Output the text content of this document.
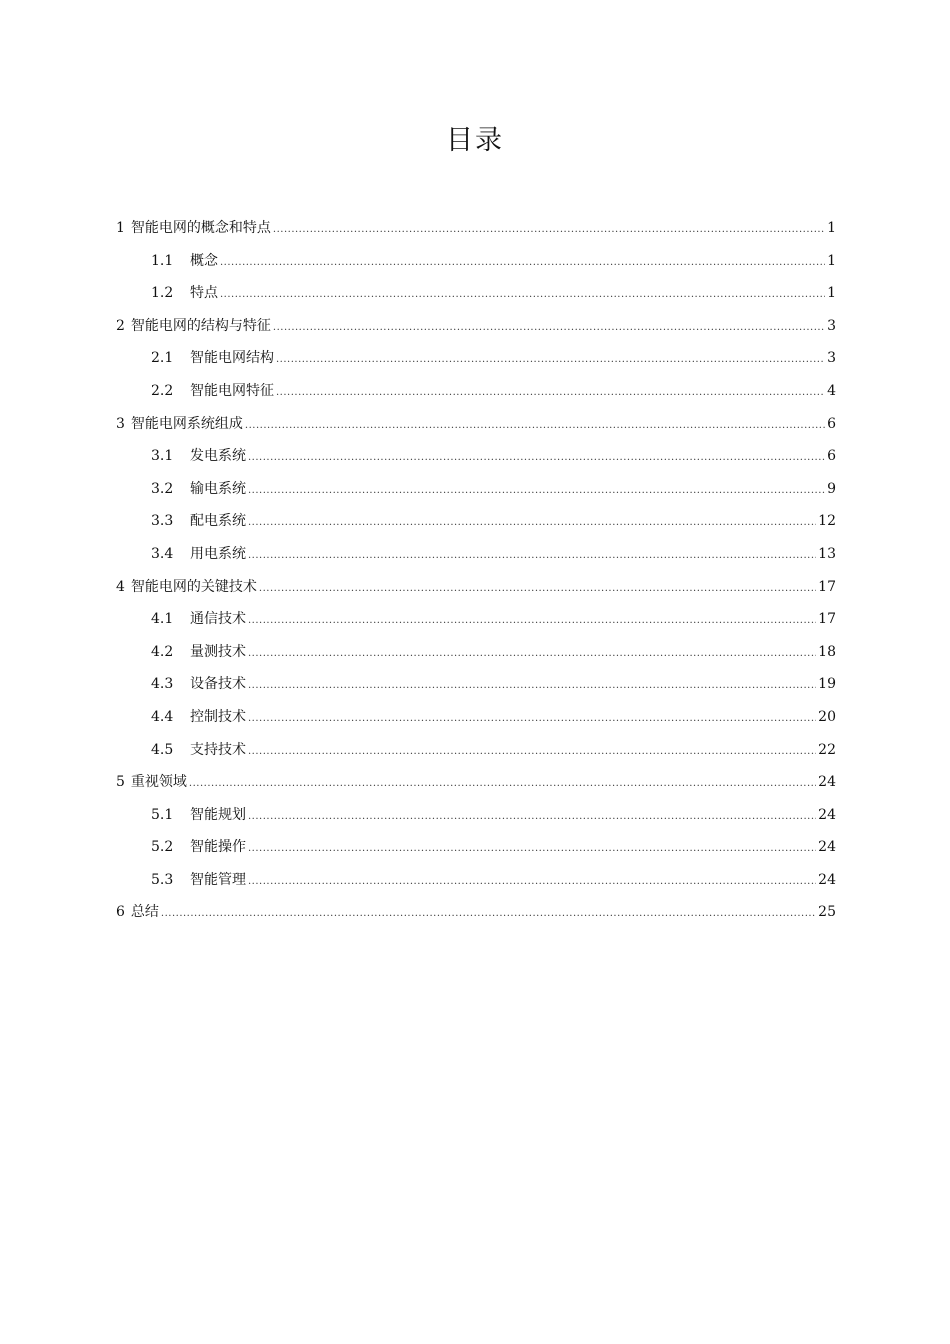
目录
1 智能电网的概念和特点 .....	1
1.1	概念 .....	1
1.2	特点 .....	1
2 智能电网的结构与特征 .....	3
2.1	智能电网结构 .....	3
2.2	智能电网特征 .....	4
3 智能电网系统组成 .....	6
3.1	发电系统 .....	6
3.2	输电系统 .....	9
3.3	配电系统 .....	12
3.4	用电系统 .....	13
4 智能电网的关键技术 .....	17
4.1	通信技术 .....	17
4.2	量测技术 .....	18
4.3	设备技术 .....	19
4.4	控制技术 .....	20
4.5	支持技术 .....	22
5 重视领域 .....	24
5.1	智能规划 .....	24
5.2	智能操作 .....	24
5.3	智能管理 .....	24
6 总结 .....	25
